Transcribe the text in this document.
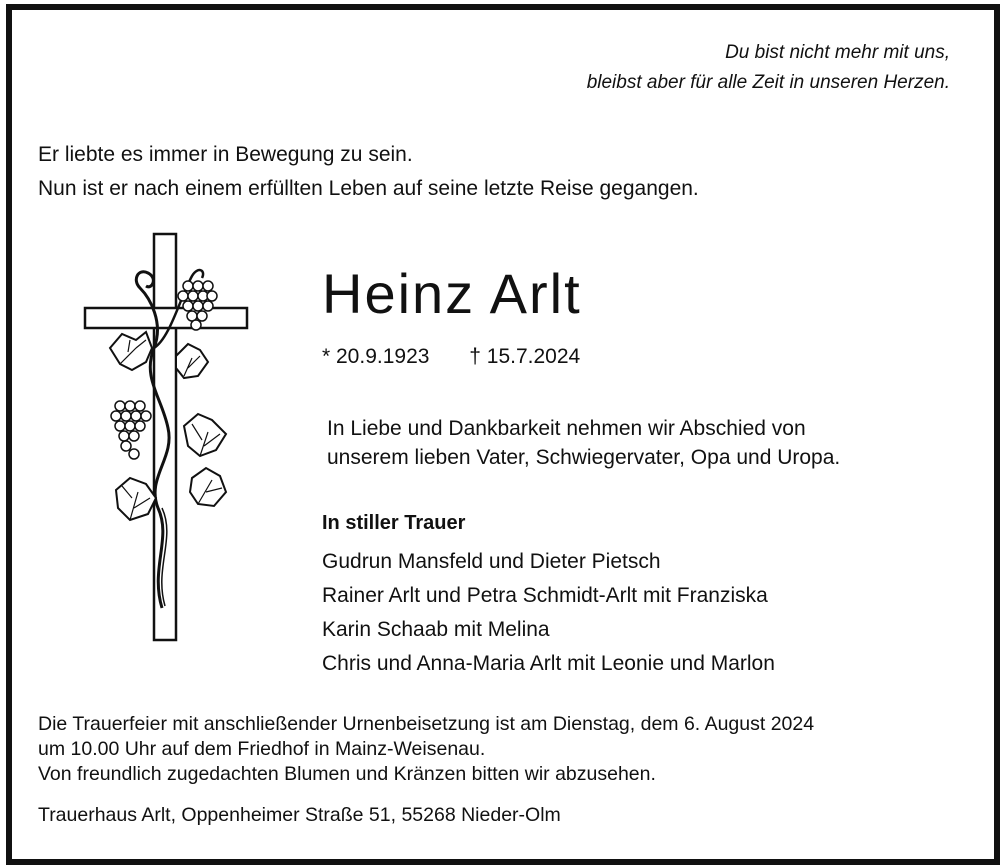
Du bist nicht mehr mit uns,
bleibst aber für alle Zeit in unseren Herzen.
Er liebte es immer in Bewegung zu sein.
Nun ist er nach einem erfüllten Leben auf seine letzte Reise gegangen.
Heinz Arlt
* 20.9.1923 † 15.7.2024
In Liebe und Dankbarkeit nehmen wir Abschied von
unserem lieben Vater, Schwiegervater, Opa und Uropa.
In stiller Trauer
Gudrun Mansfeld und Dieter Pietsch
Rainer Arlt und Petra Schmidt-Arlt mit Franziska
Karin Schaab mit Melina
Chris und Anna-Maria Arlt mit Leonie und Marlon
Die Trauerfeier mit anschließender Urnenbeisetzung ist am Dienstag, dem 6. August 2024
um 10.00 Uhr auf dem Friedhof in Mainz-Weisenau.
Von freundlich zugedachten Blumen und Kränzen bitten wir abzusehen.
Trauerhaus Arlt, Oppenheimer Straße 51, 55268 Nieder-Olm
